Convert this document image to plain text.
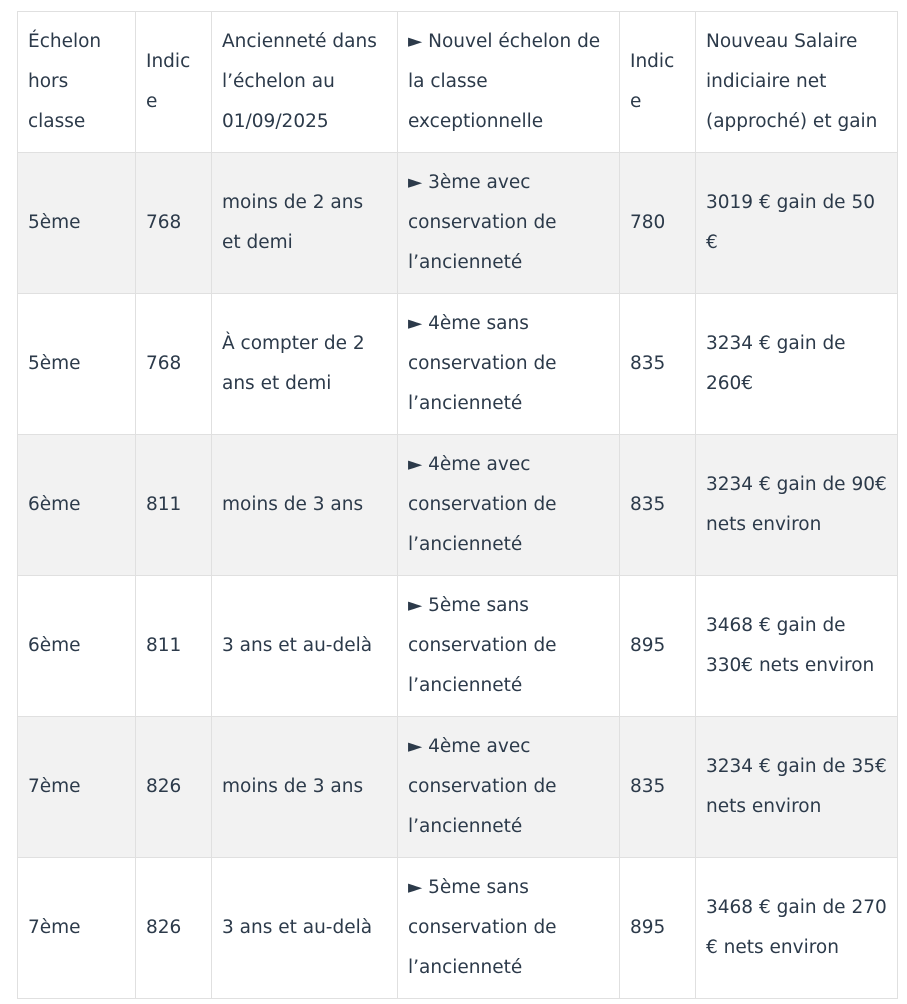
Échelon hors classe	Indice	Ancienneté dans l’échelon au 01/09/2025	► Nouvel échelon de la classe exceptionnelle	Indice	Nouveau Salaire indiciaire net (approché) et gain
5ème	768	moins de 2 ans et demi	► 3ème avec conservation de l’ancienneté	780	3019 € gain de 50 €
5ème	768	À compter de 2 ans et demi	► 4ème sans conservation de l’ancienneté	835	3234 € gain de 260€
6ème	811	moins de 3 ans	► 4ème avec conservation de l’ancienneté	835	3234 € gain de 90€ nets environ
6ème	811	3 ans et au-delà	► 5ème sans conservation de l’ancienneté	895	3468 € gain de 330€ nets environ
7ème	826	moins de 3 ans	► 4ème avec conservation de l’ancienneté	835	3234 € gain de 35€ nets environ
7ème	826	3 ans et au-delà	► 5ème sans conservation de l’ancienneté	895	3468 € gain de 270 € nets environ
